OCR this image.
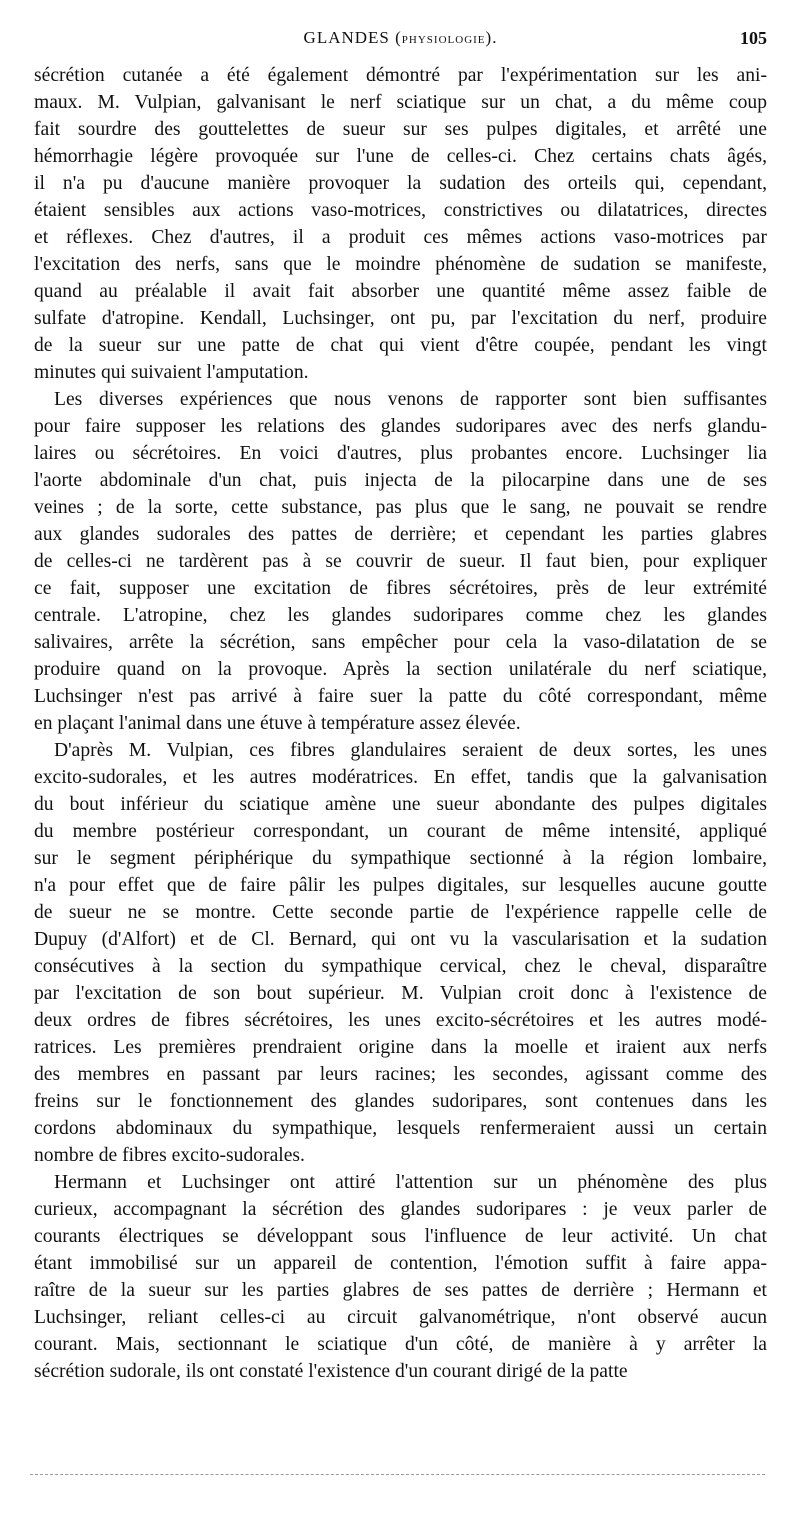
GLANDES (PHYSIOLOGIE).	105

sécrétion cutanée a été également démontré par l'expérimentation sur les ani-

maux. M. Vulpian, galvanisant le nerf sciatique sur un chat, a du même coup

fait sourdre des gouttelettes de sueur sur ses pulpes digitales, et arrêté une

hémorrhagie légère provoquée sur l'une de celles-ci. Chez certains chats âgés,

il n'a pu d'aucune manière provoquer la sudation des orteils qui, cependant,

étaient sensibles aux actions vaso-motrices, constrictives ou dilatatrices, directes

et réflexes. Chez d'autres, il a produit ces mêmes actions vaso-motrices par

l'excitation des nerfs, sans que le moindre phénomène de sudation se manifeste,

quand au préalable il avait fait absorber une quantité même assez faible de

sulfate d'atropine. Kendall, Luchsinger, ont pu, par l'excitation du nerf, produire

de la sueur sur une patte de chat qui vient d'être coupée, pendant les vingt

minutes qui suivaient l'amputation.

Les diverses expériences que nous venons de rapporter sont bien suffisantes

pour faire supposer les relations des glandes sudoripares avec des nerfs glandu-

laires ou sécrétoires. En voici d'autres, plus probantes encore. Luchsinger lia

l'aorte abdominale d'un chat, puis injecta de la pilocarpine dans une de ses

veines ; de la sorte, cette substance, pas plus que le sang, ne pouvait se rendre

aux glandes sudorales des pattes de derrière; et cependant les parties glabres

de celles-ci ne tardèrent pas à se couvrir de sueur. Il faut bien, pour expliquer

ce fait, supposer une excitation de fibres sécrétoires, près de leur extrémité

centrale. L'atropine, chez les glandes sudoripares comme chez les glandes

salivaires, arrête la sécrétion, sans empêcher pour cela la vaso-dilatation de se

produire quand on la provoque. Après la section unilatérale du nerf sciatique,

Luchsinger n'est pas arrivé à faire suer la patte du côté correspondant, même

en plaçant l'animal dans une étuve à température assez élevée.

D'après M. Vulpian, ces fibres glandulaires seraient de deux sortes, les unes

excito-sudorales, et les autres modératrices. En effet, tandis que la galvanisation

du bout inférieur du sciatique amène une sueur abondante des pulpes digitales

du membre postérieur correspondant, un courant de même intensité, appliqué

sur le segment périphérique du sympathique sectionné à la région lombaire,

n'a pour effet que de faire pâlir les pulpes digitales, sur lesquelles aucune goutte

de sueur ne se montre. Cette seconde partie de l'expérience rappelle celle de

Dupuy (d'Alfort) et de Cl. Bernard, qui ont vu la vascularisation et la sudation

consécutives à la section du sympathique cervical, chez le cheval, disparaître

par l'excitation de son bout supérieur. M. Vulpian croit donc à l'existence de

deux ordres de fibres sécrétoires, les unes excito-sécrétoires et les autres modé-

ratrices. Les premières prendraient origine dans la moelle et iraient aux nerfs

des membres en passant par leurs racines; les secondes, agissant comme des

freins sur le fonctionnement des glandes sudoripares, sont contenues dans les

cordons abdominaux du sympathique, lesquels renfermeraient aussi un certain

nombre de fibres excito-sudorales.

Hermann et Luchsinger ont attiré l'attention sur un phénomène des plus

curieux, accompagnant la sécrétion des glandes sudoripares : je veux parler de

courants électriques se développant sous l'influence de leur activité. Un chat

étant immobilisé sur un appareil de contention, l'émotion suffit à faire appa-

raître de la sueur sur les parties glabres de ses pattes de derrière ; Hermann et

Luchsinger, reliant celles-ci au circuit galvanométrique, n'ont observé aucun

courant. Mais, sectionnant le sciatique d'un côté, de manière à y arrêter la

sécrétion sudorale, ils ont constaté l'existence d'un courant dirigé de la patte
